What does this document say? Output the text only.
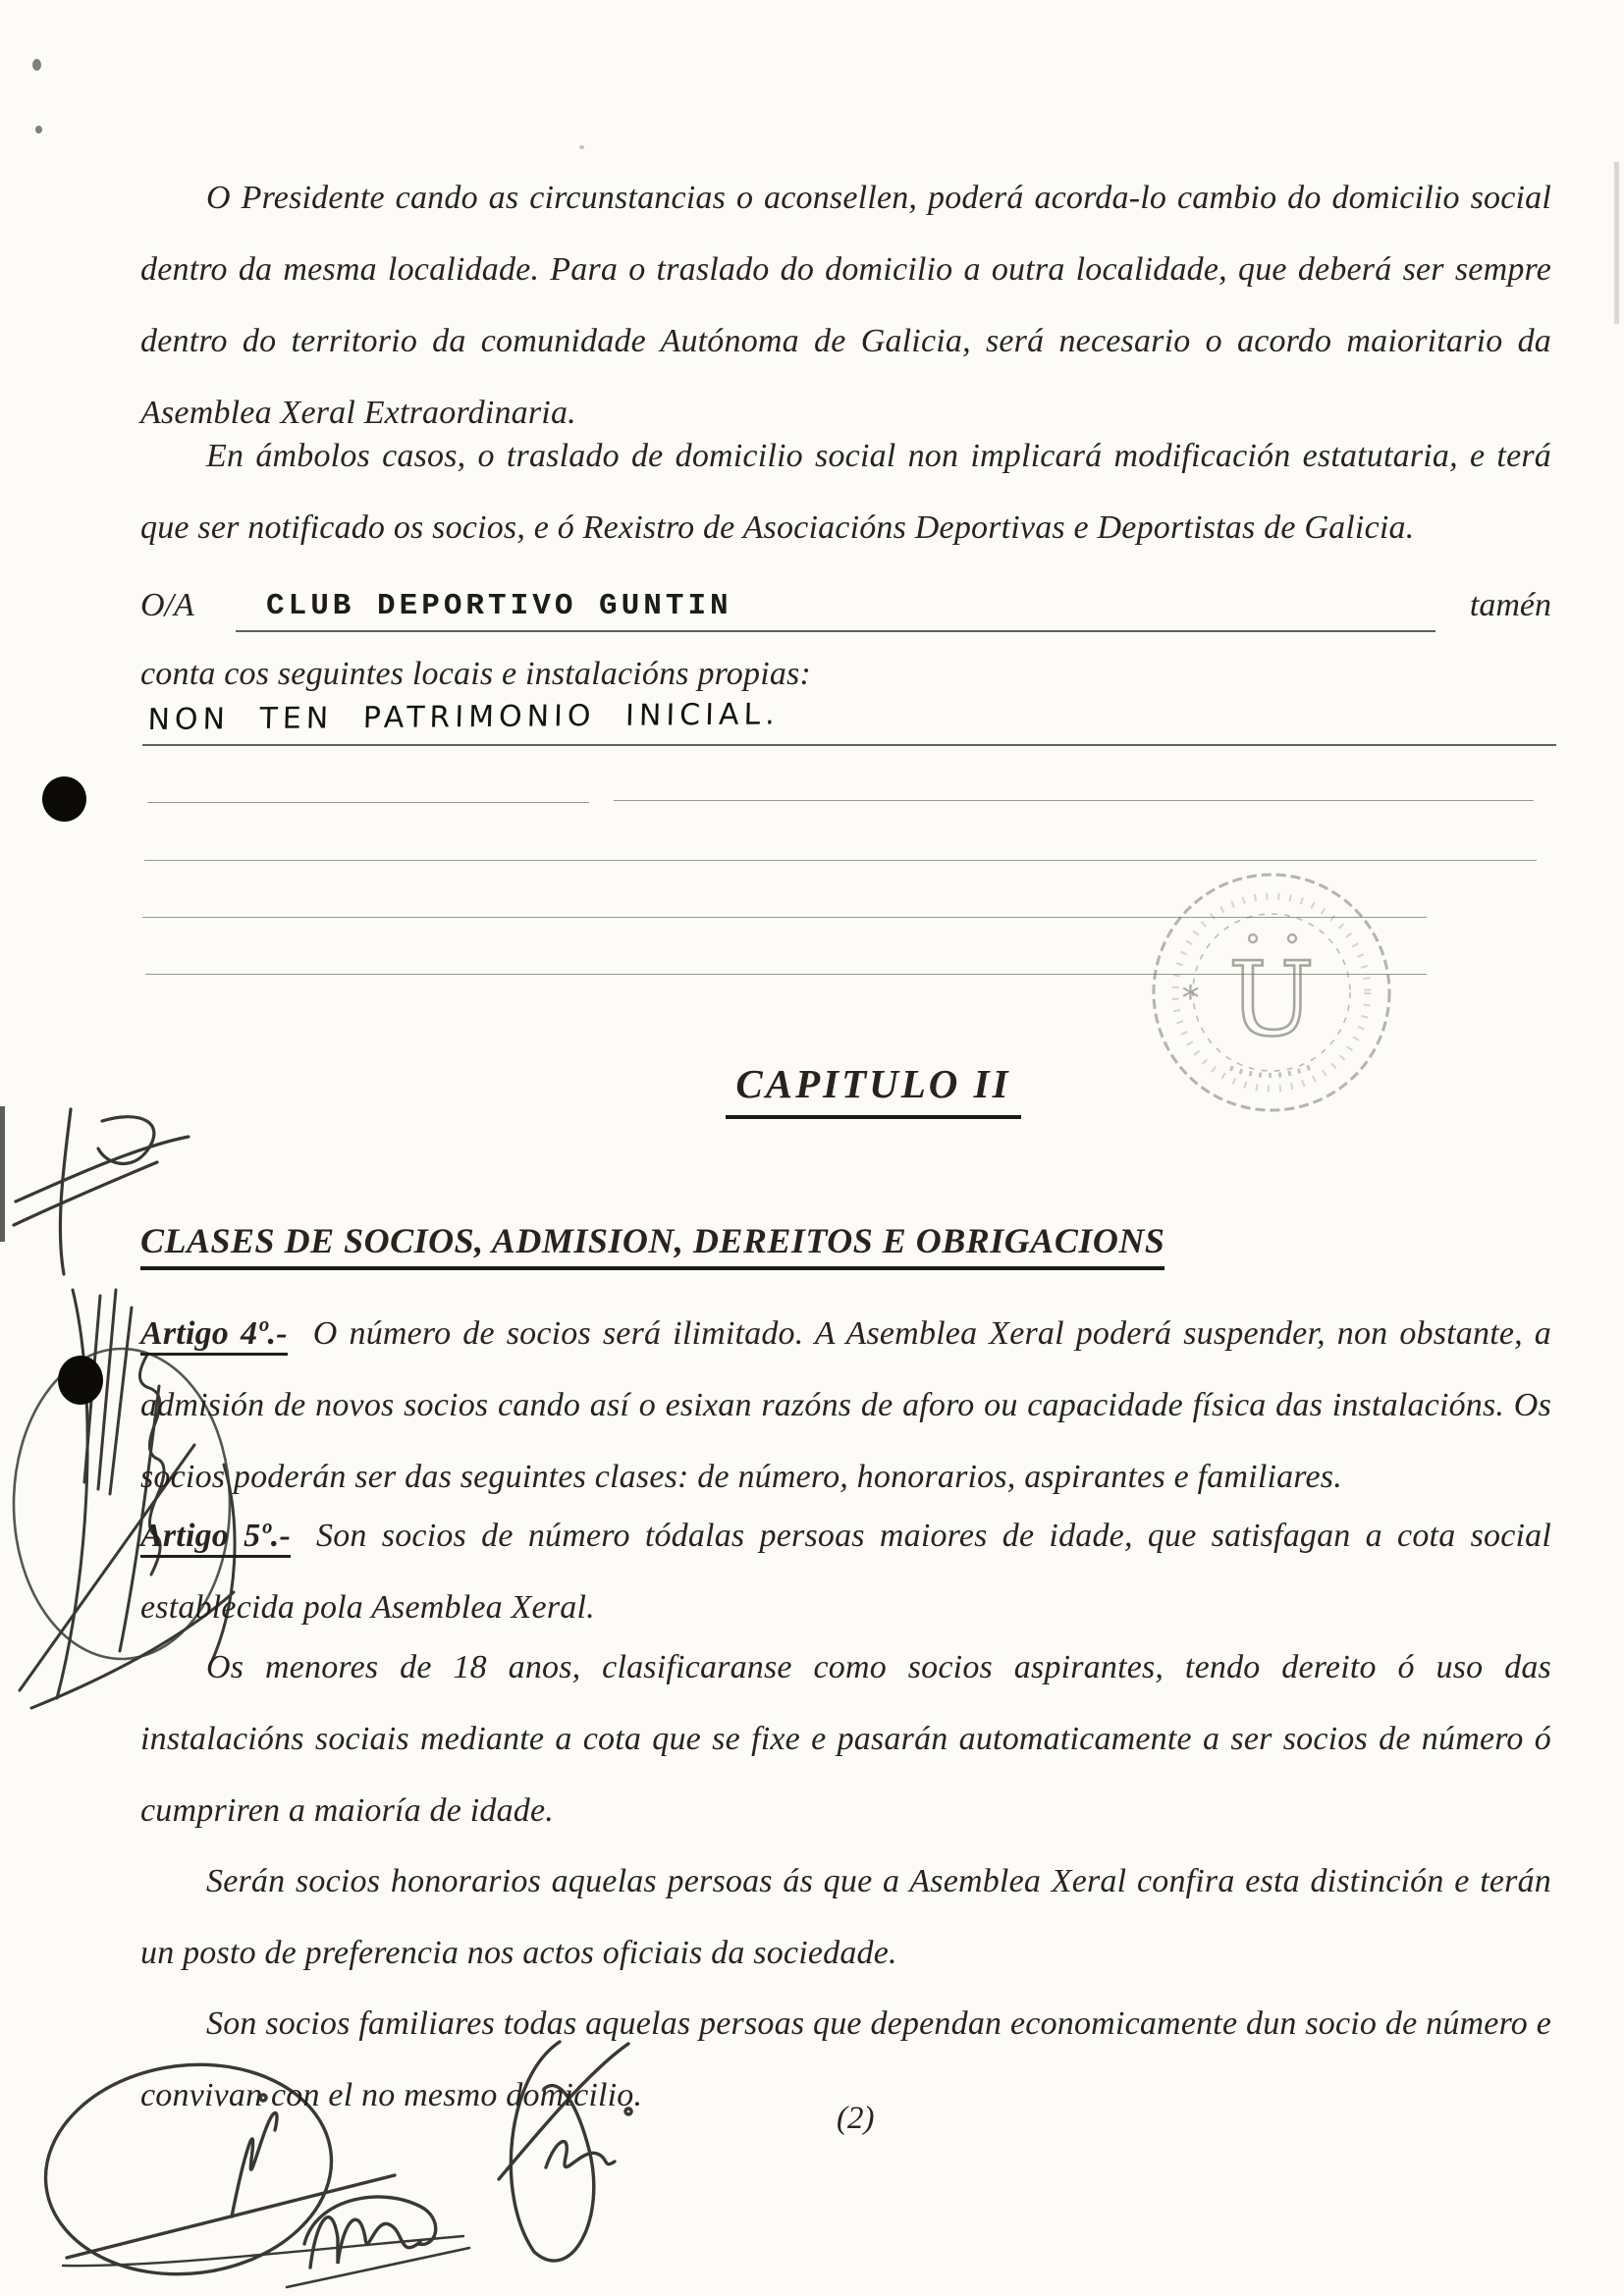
O Presidente cando as circunstancias o aconsellen, poderá acorda-lo cambio do domicilio social dentro da mesma localidade. Para o traslado do domicilio a outra localidade, que deberá ser sempre dentro do territorio da comunidade Autónoma de Galicia, será necesario o acordo maioritario da Asemblea Xeral Extraordinaria.
En ámbolos casos, o traslado de domicilio social non implicará modificación estatutaria, e terá que ser notificado os socios, e ó Rexistro de Asociacións Deportivas e Deportistas de Galicia.
O/A CLUB DEPORTIVO GUNTIN	tamén
conta cos seguintes locais e instalacións propias:
NON TEN PATRIMONIO INICIAL.
U
*
CAPITULO II
CLASES DE SOCIOS, ADMISION, DEREITOS E OBRIGACIONS
Artigo 4º.- O número de socios será ilimitado. A Asemblea Xeral poderá suspender, non obstante, a admisión de novos socios cando así o esixan razóns de aforo ou capacidade física das instalacións. Os socios poderán ser das seguintes clases: de número, honorarios, aspirantes e familiares.
Artigo 5º.- Son socios de número tódalas persoas maiores de idade, que satisfagan a cota social establecida pola Asemblea Xeral.
Os menores de 18 anos, clasificaranse como socios aspirantes, tendo dereito ó uso das instalacións sociais mediante a cota que se fixe e pasarán automaticamente a ser socios de número ó cumpriren a maioría de idade.
Serán socios honorarios aquelas persoas ás que a Asemblea Xeral confira esta distinción e terán un posto de preferencia nos actos oficiais da sociedade.
Son socios familiares todas aquelas persoas que dependan economicamente dun socio de número e convivan con el no mesmo domicilio.
(2)
